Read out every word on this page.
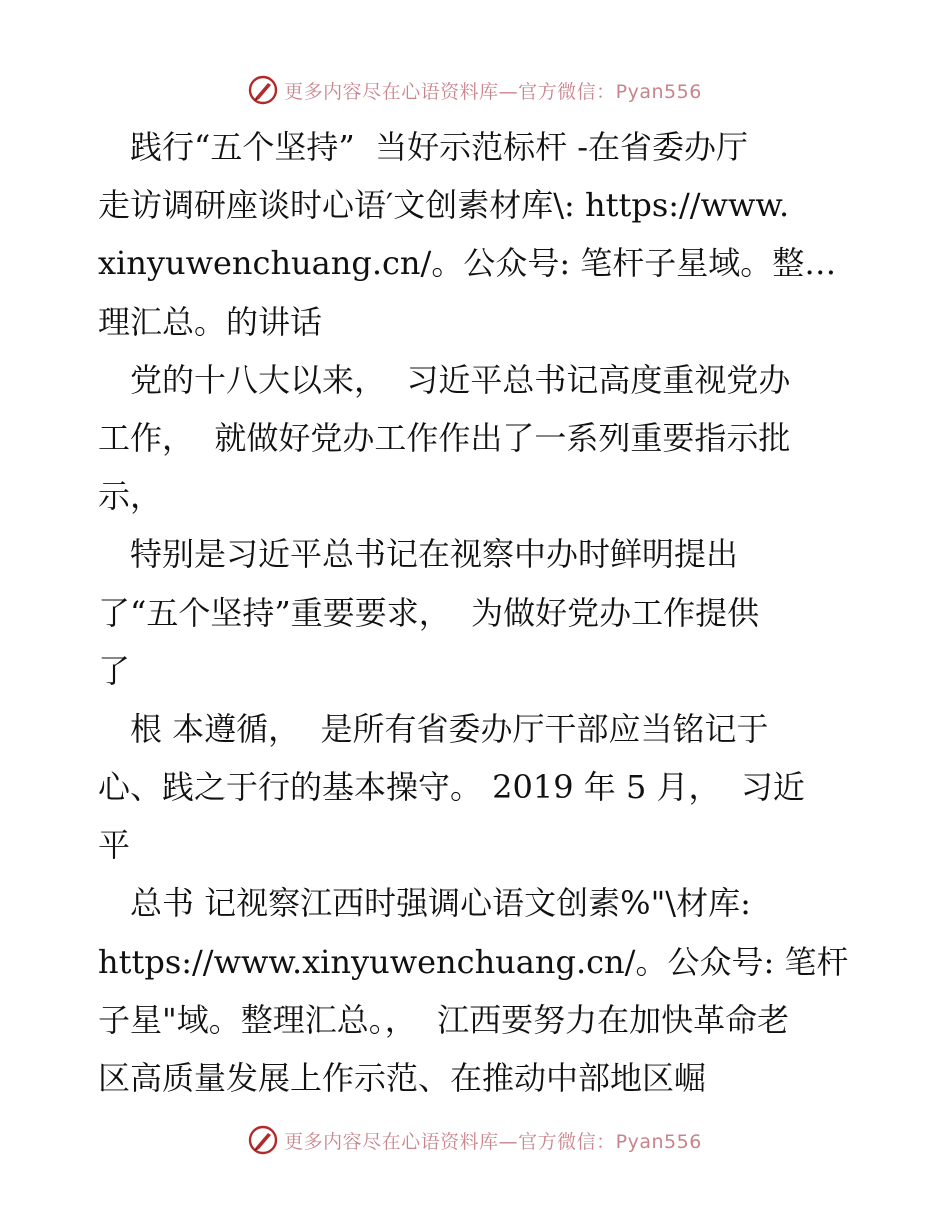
更多内容尽在心语资料库—官方微信：Pyan556
　践行“五个坚持”  当好示范标杆 -在省委办厅
走访调研座谈时心语′文创素材库\: https://www.
xinyuwenchuang.cn/。公众号: 笔杆子星域。整…
理汇总。的讲话
　党的十八大以来，  习近平总书记高度重视党办
工作，  就做好党办工作作出了一系列重要指示批
示，
　特别是习近平总书记在视察中办时鲜明提出
了“五个坚持”重要要求，  为做好党办工作提供
了
　根 本遵循，  是所有省委办厅干部应当铭记于
心、践之于行的基本操守。 2019 年 5 月，  习近
平
　总书 记视察江西时强调心语文创素%"\材库:
https://www.xinyuwenchuang.cn/。公众号: 笔杆
子星"域。整理汇总。，  江西要努力在加快革命老
区高质量发展上作示范、在推动中部地区崛
更多内容尽在心语资料库—官方微信：Pyan556
